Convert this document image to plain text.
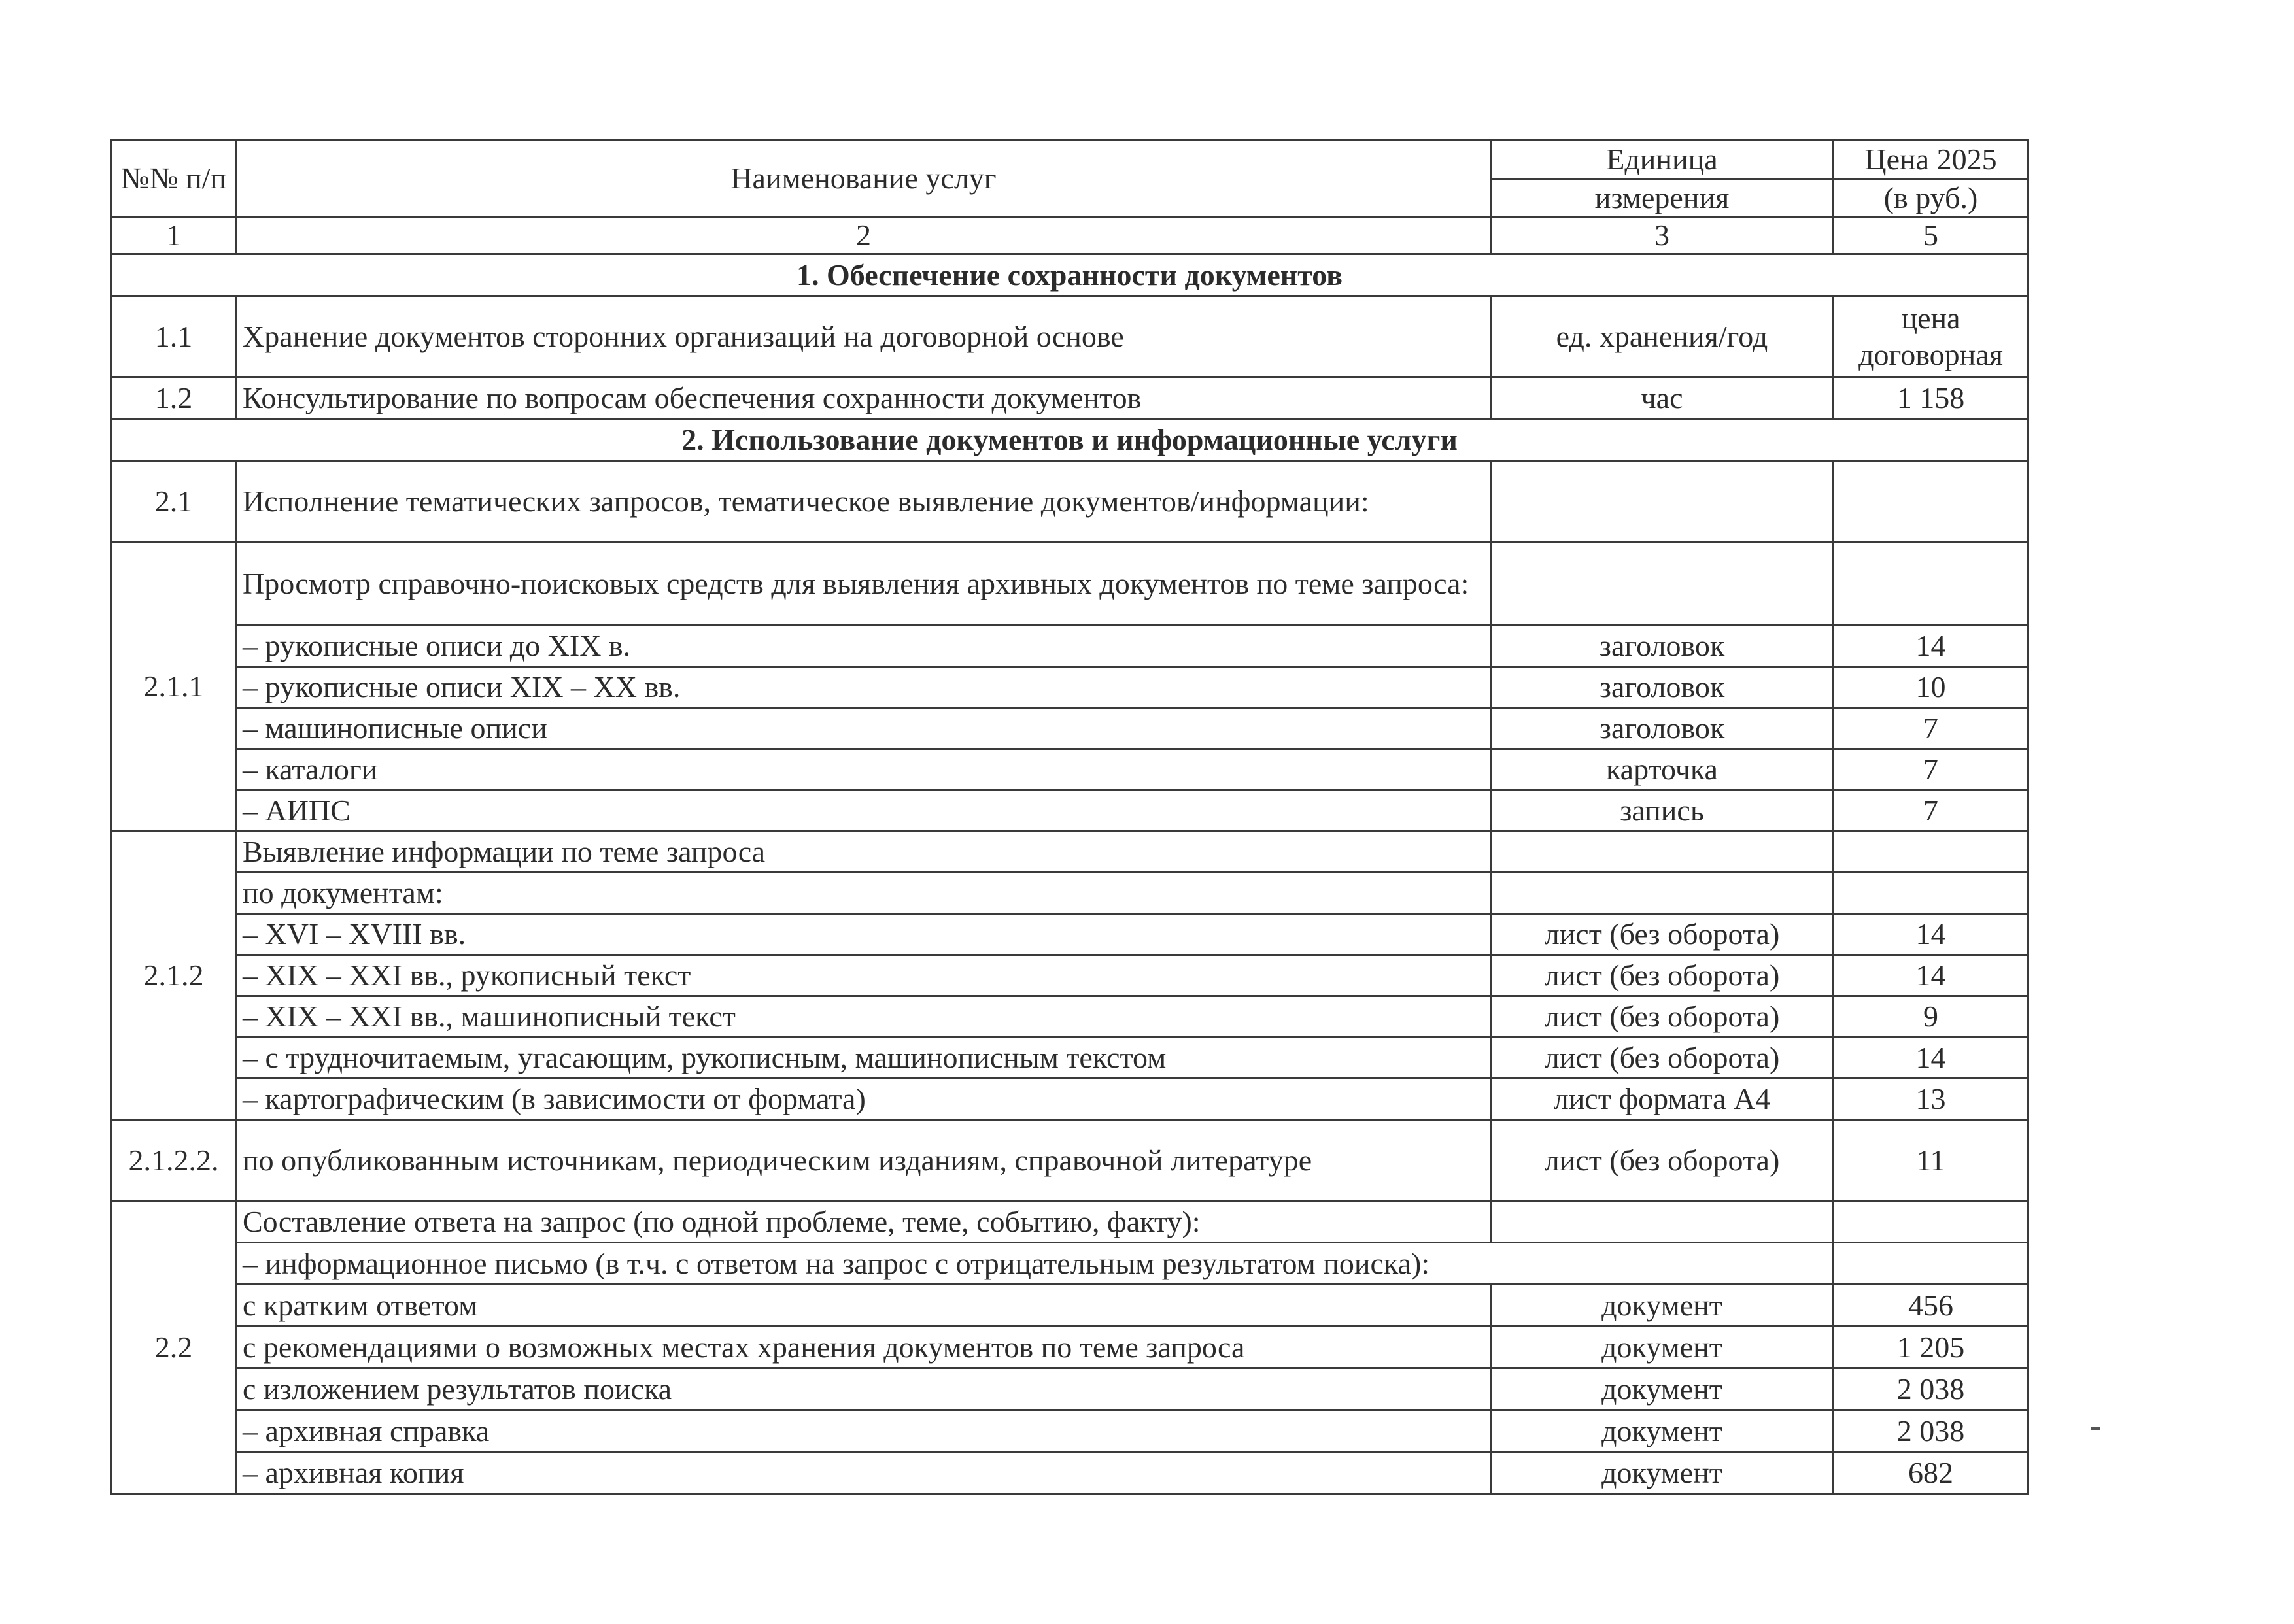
№№ п/п	Наименование услуг	Единица	Цена 2025
		измерения	(в руб.)
1	2	3	5
1. Обеспечение сохранности документов			
1.1	Хранение документов сторонних организаций на договорной основе	ед. хранения/год	цена
договорная

1.2	Консультирование по вопросам обеспечения сохранности документов	час	1 158
2. Использование документов и информационные услуги			
2.1	Исполнение тематических запросов, тематическое выявление документов/информации:		
2.1.1	Просмотр справочно-поисковых средств для выявления архивных документов по теме запроса:		
	– рукописные описи до XIX в.	заголовок	14
	– рукописные описи XIX – XX вв.	заголовок	10
	– машинописные описи	заголовок	7
	– каталоги	карточка	7
	– АИПС	запись	7
2.1.2	Выявление информации по теме запроса		
	по документам:		
	– XVI – XVIII вв.	лист (без оборота)	14
	– XIX – XXI вв., рукописный текст	лист (без оборота)	14
	– XIX – XXI вв., машинописный текст	лист (без оборота)	9
	– с трудночитаемым, угасающим, рукописным, машинописным текстом	лист (без оборота)	14
	– картографическим (в зависимости от формата)	лист формата А4	13
2.1.2.2.	по опубликованным источникам, периодическим изданиям, справочной литературе	лист (без оборота)	11
2.2	Составление ответа на запрос (по одной проблеме, теме, событию, факту):		
	– информационное письмо (в т.ч. с ответом на запрос с отрицательным результатом поиска):		
	с кратким ответом	документ	456
	с рекомендациями о возможных местах хранения документов по теме запроса	документ	1 205
	с изложением результатов поиска	документ	2 038
	– архивная справка	документ	2 038
	– архивная копия	документ	682
